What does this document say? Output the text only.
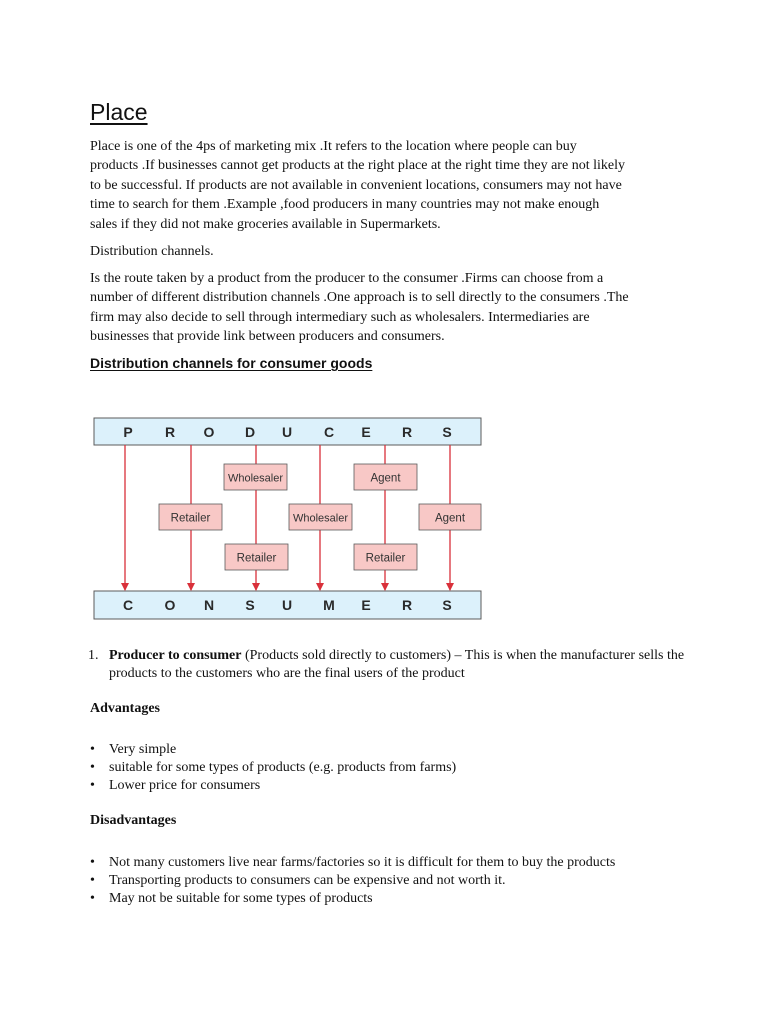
Place

Place is one of the 4ps of marketing mix .It refers to the location where people can buy
products .If businesses cannot get products at the right place at the right time they are not likely
to be successful. If products are not available in convenient locations, consumers may not have
time to search for them .Example ,food producers in many countries may not make enough
sales if they did not make groceries available in Supermarkets.

Distribution channels.

Is the route taken by a product from the producer to the consumer .Firms can choose from a
number of different distribution channels .One approach is to sell directly to the consumers .The
firm may also decide to sell through intermediary such as wholesalers. Intermediaries are
businesses that provide link between producers and consumers.

Distribution channels for consumer goods
P R O D U C E R S
C O N S U M E R S
Retailer
Wholesaler
Retailer
Wholesaler
Agent
Retailer
Agent
1. Producer to consumer (Products sold directly to customers) – This is when the manufacturer sells the products to the customers who are the final users of the product
Advantages
• Very simple
• suitable for some types of products (e.g. products from farms)
• Lower price for consumers
Disadvantages
• Not many customers live near farms/factories so it is difficult for them to buy the products
• Transporting products to consumers can be expensive and not worth it.
• May not be suitable for some types of products
